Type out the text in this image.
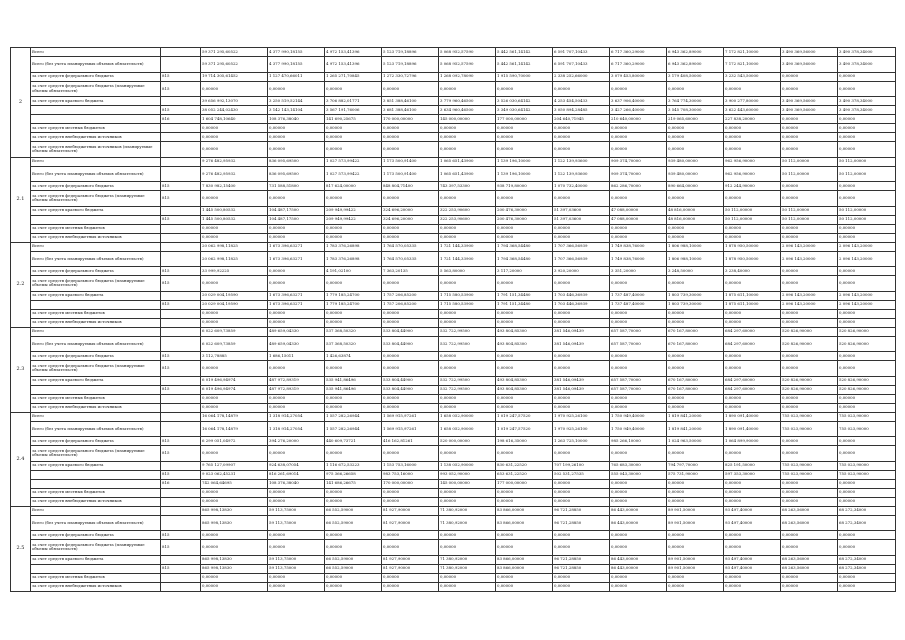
2	Всего		59 371 295,60522	4 377 990,18155	4 972 153,41396	5 123 719,18896	5 068 952,57590	5 442 561,14142	6 591 707,10433	6 717 360,29000	6 943 362,89000	7 172 821,10000	3 490 369,56000	3 490 378,34000
	Всего (без учета планируемых объемов обязательств)		59 371 295,60522	4 377 990,18155	4 972 153,41396	5 123 719,18896	5 068 952,57590	5 442 561,14142	6 591 707,10433	6 717 360,29000	6 943 362,89000	7 172 821,10000	3 490 369,56000	3 490 378,34000
	за счет средств федерального бюджета	815	19 714 305,61452	1 127 470,66011	1 265 271,70845	1 272 330,72796	1 268 092,78090	1 915 590,70000	2 338 252,66000	3 079 453,80000	3 179 408,50000	3 232 543,50000	0,00000	0,00000
	за счет средств федерального бюджета (планируемые объемы обязательств)	815	0,00000	0,00000	0,00000	0,00000	0,00000	0,00000	0,00000	0,00000	0,00000	0,00000	0,00000	0,00000
	за счет средств краевого бюджета		39 656 992,13070	3 250 519,52144	3 706 882,01771	3 851 388,46100	3 779 960,46500	3 526 030,64142	4 253 454,50433	3 637 906,40000	3 764 774,30000	3 900 277,80000	3 490 369,56000	3 490 378,34000
		815	38 052 244,02430	3 142 143,14104	3 567 191,76006	3 681 388,46100	3 634 960,46500	3 349 030,64142	3 050 894,28485	3 427 266,40000	3 545 708,30000	3 622 443,60000	3 490 369,56000	3 490 378,34000
		816	1 604 748,10640	108 376,38040	141 690,25675	170 000,00000	145 000,00000	177 000,00000	204 640,71945	210 640,00000	219 065,60000	227 838,20000	0,00000	0,00000
	за счет средств местных бюджетов		0,00000	0,00000	0,00000	0,00000	0,00000	0,00000	0,00000	0,00000	0,00000	0,00000	0,00000	0,00000
	за счет средств внебюджетных источников		0,00000	0,00000	0,00000	0,00000	0,00000	0,00000	0,00000	0,00000	0,00000	0,00000	0,00000	0,00000
	за счет средств внебюджетных источников (планируемые объемы обязательств)		0,00000	0,00000	0,00000	0,00000	0,00000	0,00000	0,00000	0,00000	0,00000	0,00000	0,00000	0,00000
2.1	Всего		9 276 482,95932	836 095,69500	1 027 573,99422	1 173 500,91400	1 065 651,43900	1 139 196,10000	1 122 139,93600	909 374,70000	939 480,00000	962 956,90000	50 112,00000	50 112,00000
	Всего (без учета планируемых объемов обязательств)		9 276 482,95932	836 095,69500	1 027 573,99422	1 173 500,91400	1 065 651,43900	1 139 196,10000	1 122 139,93600	909 374,70000	939 480,00000	962 956,90000	50 112,00000	50 112,00000
	за счет средств федерального бюджета	815	7 830 982,15400	731 588,51800	817 624,00000	848 804,71400	743 397,53300	938 719,80000	1 070 732,40000	862 286,70000	890 664,00000	912 244,90000	0,00000	0,00000
	за счет средств федерального бюджета (планируемые объемы обязательств)	815	0,00000	0,00000	0,00000	0,00000	0,00000	0,00000	0,00000	0,00000	0,00000	0,00000	0,00000	0,00000
	за счет средств краевого бюджета		1 445 500,80532	104 487,17500	209 949,99422	324 696,20000	322 253,90600	200 476,30000	51 397,03600	47 088,00000	48 816,00000	50 112,00000	50 112,00000	50 112,00000
		815	1 445 500,80532	104 487,17500	209 949,99422	324 696,20000	322 253,90600	200 476,30000	51 397,03600	47 088,00000	48 816,00000	50 112,00000	50 112,00000	50 112,00000
	за счет средств местных бюджетов		0,00000	0,00000	0,00000	0,00000	0,00000	0,00000	0,00000	0,00000	0,00000	0,00000	0,00000	0,00000
	за счет средств внебюджетных источников		0,00000	0,00000	0,00000	0,00000	0,00000	0,00000	0,00000	0,00000	0,00000	0,00000	0,00000	0,00000
2.2	Всего		20 062 998,11825	1 673 396,63271	1 783 376,26898	1 764 570,05335	1 721 144,33900	1 794 368,54480	1 707 366,56939	1 749 838,76000	1 806 988,10000	1 878 950,50000	2 096 143,20000	2 096 143,20000
	Всего (без учета планируемых объемов обязательств)		20 062 998,11825	1 673 396,63271	1 783 376,26898	1 764 570,05335	1 721 144,33900	1 794 368,54480	1 707 366,56939	1 749 838,76000	1 806 988,10000	1 878 950,50000	2 096 143,20000	2 096 143,20000
	за счет средств федерального бюджета	815	33 999,92225	0,00000	4 191,02100	7 363,20135	5 563,80000	3 117,20000	3 920,20000	3 351,20000	3 248,50000	3 238,40000	0,00000	0,00000
	за счет средств федерального бюджета (планируемые объемы обязательств)	815	0,00000	0,00000	0,00000	0,00000	0,00000	0,00000	0,00000	0,00000	0,00000	0,00000	0,00000	0,00000
	за счет средств краевого бюджета		20 029 004,19590	1 673 396,63271	1 779 185,24700	1 757 206,85200	1 715 580,53900	1 791 151,34480	1 703 446,36939	1 737 487,40000	1 803 739,30000	1 875 611,10000	2 096 143,20000	2 096 143,20000
		815	20 029 004,19590	1 673 396,63271	1 779 185,24700	1 757 206,85200	1 715 580,53900	1 791 151,34480	1 703 446,36939	1 737 487,40000	1 803 739,30000	1 875 611,10000	2 096 143,20000	2 096 143,20000
	за счет средств местных бюджетов		0,00000	0,00000	0,00000	0,00000	0,00000	0,00000	0,00000	0,00000	0,00000	0,00000	0,00000	0,00000
	за счет средств внебюджетных источников		0,00000	0,00000	0,00000	0,00000	0,00000	0,00000	0,00000	0,00000	0,00000	0,00000	0,00000	0,00000
2.3	Всего		6 022 609,73859	489 659,04330	537 368,50320	533 804,44900	532 722,99500	493 804,85300	381 546,09439	657 587,70000	670 167,80000	684 297,60000	520 826,90000	520 826,90000
	Всего (без учета планируемых объемов обязательств)		6 022 609,73859	489 659,04330	537 368,50320	533 804,44900	532 722,99500	493 804,85300	381 546,09439	657 587,70000	670 167,80000	684 297,60000	520 826,90000	520 826,90000
	за счет средств федерального бюджета	815	3 112,78885	1 686,15011	1 426,63874	0,00000	0,00000	0,00000	0,00000	0,00000	0,00000	0,00000	0,00000	0,00000
	за счет средств федерального бюджета (планируемые объемы обязательств)	815	0,00000	0,00000	0,00000	0,00000	0,00000	0,00000	0,00000	0,00000	0,00000	0,00000	0,00000	0,00000
	за счет средств краевого бюджета		6 019 496,94974	487 972,89319	535 941,86496	533 804,44900	532 722,99500	493 804,85300	381 546,09439	657 587,70000	670 167,80000	684 297,60000	520 826,90000	520 826,90000
		815	6 019 496,94974	487 972,89319	535 941,86496	533 804,44900	532 722,99500	493 804,85300	381 546,09439	657 587,70000	670 167,80000	684 297,60000	520 826,90000	520 826,90000
	за счет средств местных бюджетов		0,00000	0,00000	0,00000	0,00000	0,00000	0,00000	0,00000	0,00000	0,00000	0,00000	0,00000	0,00000
	за счет средств внебюджетных источников		0,00000	0,00000	0,00000	0,00000	0,00000	0,00000	0,00000	0,00000	0,00000	0,00000	0,00000	0,00000
2.4	Всего		16 064 178,14879	1 318 914,27054	1 557 282,26944	1 569 915,97261	1 658 052,90000	1 019 247,57520	1 970 925,26100	1 750 949,40000	1 819 841,20000	1 890 091,40000	755 023,90000	755 023,90000
	Всего (без учета планируемых объемов обязательств)		16 064 178,14879	1 318 914,27054	1 557 282,26944	1 569 915,97261	1 658 052,90000	1 019 247,57520	1 970 925,26100	1 750 949,40000	1 819 841,20000	1 890 091,40000	755 023,90000	755 023,90000
	за счет средств федерального бюджета	815	6 299 051,04972	394 276,20000	440 609,73721	416 162,81261	520 000,00000	198 616,35000	1 263 725,10000	985 266,10000	1 024 963,50000	1 064 899,90000	0,00000	0,00000
	за счет средств федерального бюджета (планируемые объемы обязательств)	815	0,00000	0,00000	0,00000	0,00000	0,00000	0,00000	0,00000	0,00000	0,00000	0,00000	0,00000	0,00000
	за счет средств краевого бюджета		9 765 127,09907	924 638,07054	1 116 672,53223	1 153 753,16000	1 138 052,90000	830 631,22520	707 199,26100	765 683,30000	794 797,70000	825 191,50000	755 023,90000	755 023,90000
		815	9 023 062,45231	816 261,69014	975 366,26658	983 753,16000	993 052,90000	653 631,22520	502 531,27535	555 043,30000	575 731,90000	597 353,30000	755 023,90000	755 023,90000
		816	742 064,64695	108 376,38040	141 686,26675	170 000,00000	145 000,00000	177 000,00000	0,00000	0,00000	0,00000	0,00000	0,00000	0,00000
	за счет средств местных бюджетов		0,00000	0,00000	0,00000	0,00000	0,00000	0,00000	0,00000	0,00000	0,00000	0,00000	0,00000	0,00000
	за счет средств внебюджетных источников		0,00000	0,00000	0,00000	0,00000	0,00000	0,00000	0,00000	0,00000	0,00000	0,00000	0,00000	0,00000
2.5	Всего		865 998,13830	59 113,75000	66 552,59000	81 927,90000	71 380,92000	83 866,00000	96 721,28850	86 443,00000	89 901,50000	93 497,40000	68 263,56000	68 272,34000
	Всего (без учета планируемых объемов обязательств)		865 998,13830	59 113,75000	66 552,59000	81 927,90000	71 380,92000	83 866,00000	96 721,28850	86 443,00000	89 901,50000	93 497,40000	68 263,56000	68 272,34000
	за счет средств федерального бюджета	815	0,00000	0,00000	0,00000	0,00000	0,00000	0,00000	0,00000	0,00000	0,00000	0,00000	0,00000	0,00000
	за счет средств федерального бюджета (планируемые объемы обязательств)	815	0,00000	0,00000	0,00000	0,00000	0,00000	0,00000	0,00000	0,00000	0,00000	0,00000	0,00000	0,00000
	за счет средств краевого бюджета		865 998,13830	59 113,75000	66 552,59000	81 927,90000	71 380,92000	83 866,00000	96 721,28850	86 443,00000	89 901,50000	93 497,40000	68 263,56000	68 272,34000
		815	865 998,13830	59 113,75000	66 552,59000	81 927,90000	71 380,92000	83 866,00000	96 721,28850	86 443,00000	89 901,50000	93 497,40000	68 263,56000	68 272,34000
	за счет средств местных бюджетов		0,00000	0,00000	0,00000	0,00000	0,00000	0,00000	0,00000	0,00000	0,00000	0,00000	0,00000	0,00000
	за счет средств внебюджетных источников		0,00000	0,00000	0,00000	0,00000	0,00000	0,00000	0,00000	0,00000	0,00000	0,00000	0,00000	0,00000
